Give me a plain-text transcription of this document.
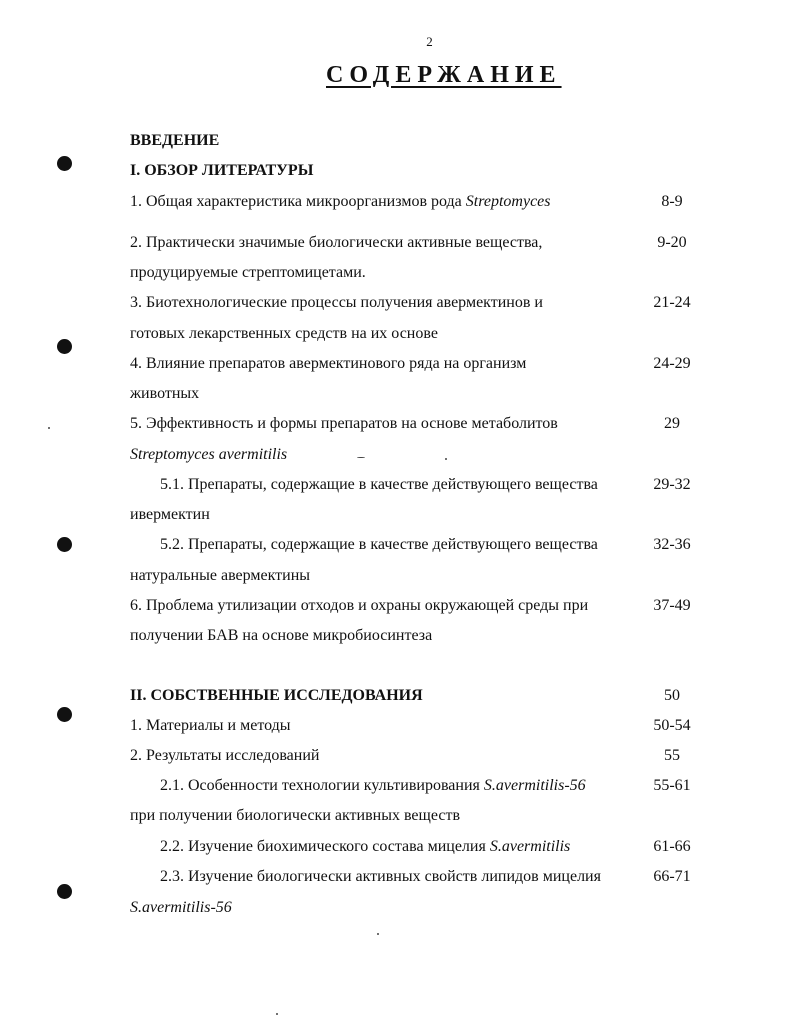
2
СОДЕРЖАНИЕ
ВВЕДЕНИЕ
I. ОБЗОР ЛИТЕРАТУРЫ
1. Общая характеристика микроорганизмов рода Streptomyces	8-9
2. Практически значимые биологически активные вещества,	9-20
продуцируемые стрептомицетами.
3. Биотехнологические процессы получения авермектинов и	21-24
готовых лекарственных средств на их основе
4. Влияние препаратов авермектинового ряда на организм	24-29
животных
5. Эффективность и формы препаратов на основе метаболитов	29
Streptomyces avermitilis
5.1. Препараты, содержащие в качестве действующего вещества	29-32
ивермектин
5.2. Препараты, содержащие в качестве действующего вещества	32-36
натуральные авермектины
6. Проблема утилизации отходов и охраны окружающей среды при	37-49
получении БАВ на основе микробиосинтеза
II. СОБСТВЕННЫЕ ИССЛЕДОВАНИЯ	50
1. Материалы и методы	50-54
2. Результаты исследований	55
2.1. Особенности технологии культивирования S.avermitilis-56	55-61
при получении биологически активных веществ
2.2. Изучение биохимического состава мицелия S.avermitilis	61-66
2.3. Изучение биологически активных свойств липидов мицелия	66-71
S.avermitilis-56
